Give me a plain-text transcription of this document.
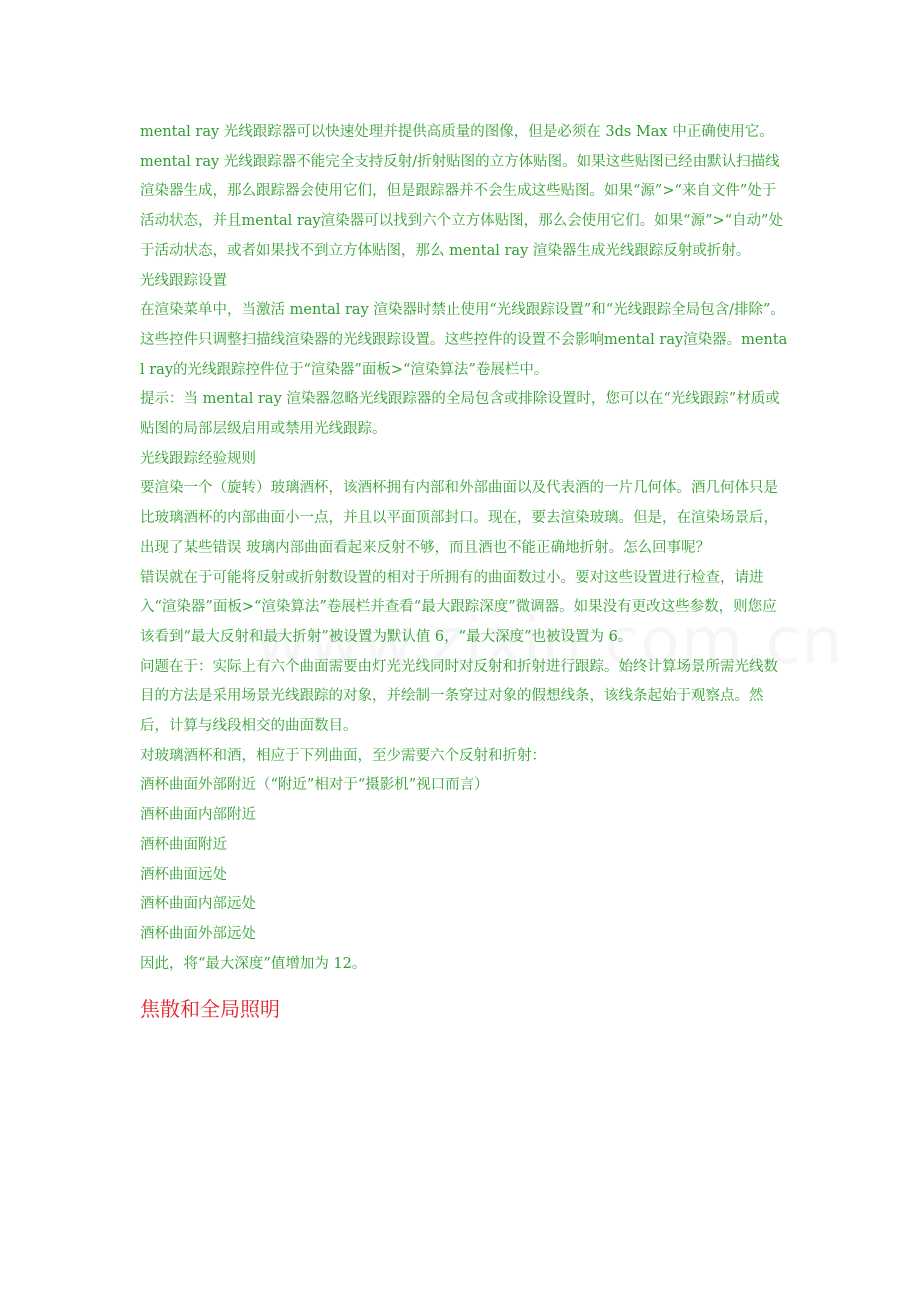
mental ray 光线跟踪器可以快速处理并提供高质量的图像，但是必须在 3ds Max 中正确使用它。

mental ray 光线跟踪器不能完全支持反射/折射贴图的立方体贴图。如果这些贴图已经由默认扫描线渲染器生成，那么跟踪器会使用它们，但是跟踪器并不会生成这些贴图。如果“源”>“来自文件”处于活动状态，并且mental ray渲染器可以找到六个立方体贴图，那么会使用它们。如果“源”>“自动”处于活动状态，或者如果找不到立方体贴图，那么 mental ray 渲染器生成光线跟踪反射或折射。

光线跟踪设置

在渲染菜单中，当激活 mental ray 渲染器时禁止使用“光线跟踪设置”和“光线跟踪全局包含/排除”。这些控件只调整扫描线渲染器的光线跟踪设置。这些控件的设置不会影响mental ray渲染器。mental ray的光线跟踪控件位于“渲染器”面板>“渲染算法”卷展栏中。

提示：当 mental ray 渲染器忽略光线跟踪器的全局包含或排除设置时，您可以在“光线跟踪”材质或贴图的局部层级启用或禁用光线跟踪。

光线跟踪经验规则

要渲染一个（旋转）玻璃酒杯，该酒杯拥有内部和外部曲面以及代表酒的一片几何体。酒几何体只是比玻璃酒杯的内部曲面小一点，并且以平面顶部封口。现在，要去渲染玻璃。但是，在渲染场景后，出现了某些错误 玻璃内部曲面看起来反射不够，而且酒也不能正确地折射。怎么回事呢？

错误就在于可能将反射或折射数设置的相对于所拥有的曲面数过小。要对这些设置进行检查，请进入“渲染器”面板>“渲染算法”卷展栏并查看“最大跟踪深度”微调器。如果没有更改这些参数，则您应该看到“最大反射和最大折射”被设置为默认值 6，“最大深度”也被设置为 6。

问题在于：实际上有六个曲面需要由灯光光线同时对反射和折射进行跟踪。始终计算场景所需光线数目的方法是采用场景光线跟踪的对象，并绘制一条穿过对象的假想线条，该线条起始于观察点。然后，计算与线段相交的曲面数目。

对玻璃酒杯和酒，相应于下列曲面，至少需要六个反射和折射：

酒杯曲面外部附近（“附近”相对于“摄影机”视口而言）

酒杯曲面内部附近

酒杯曲面附近

酒杯曲面远处

酒杯曲面内部远处

酒杯曲面外部远处

因此，将“最大深度”值增加为 12。

焦散和全局照明
